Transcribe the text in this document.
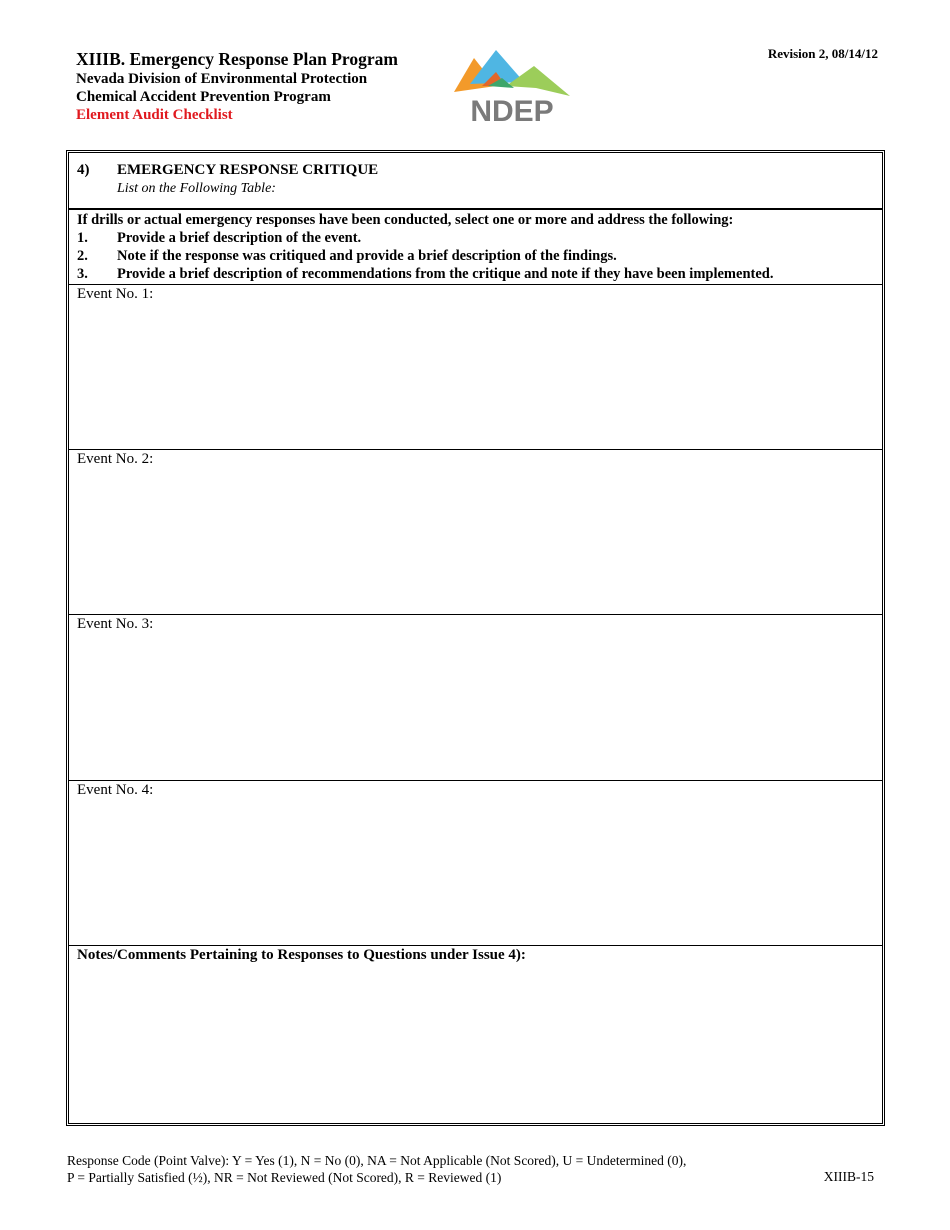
XIIIB. Emergency Response Plan Program
Nevada Division of Environmental Protection
Chemical Accident Prevention Program
Element Audit Checklist	NDEP
Revision 2, 08/14/12
4) EMERGENCY RESPONSE CRITIQUE
List on the Following Table:
If drills or actual emergency responses have been conducted, select one or more and address the following:
1. Provide a brief description of the event.
2. Note if the response was critiqued and provide a brief description of the findings.
3. Provide a brief description of recommendations from the critique and note if they have been implemented.
Event No. 1:
Event No. 2:
Event No. 3:
Event No. 4:
Notes/Comments Pertaining to Responses to Questions under Issue 4):
Response Code (Point Valve): Y = Yes (1), N = No (0), NA = Not Applicable (Not Scored), U = Undetermined (0),
P = Partially Satisfied (½), NR = Not Reviewed (Not Scored), R = Reviewed (1)	XIIIB-15
